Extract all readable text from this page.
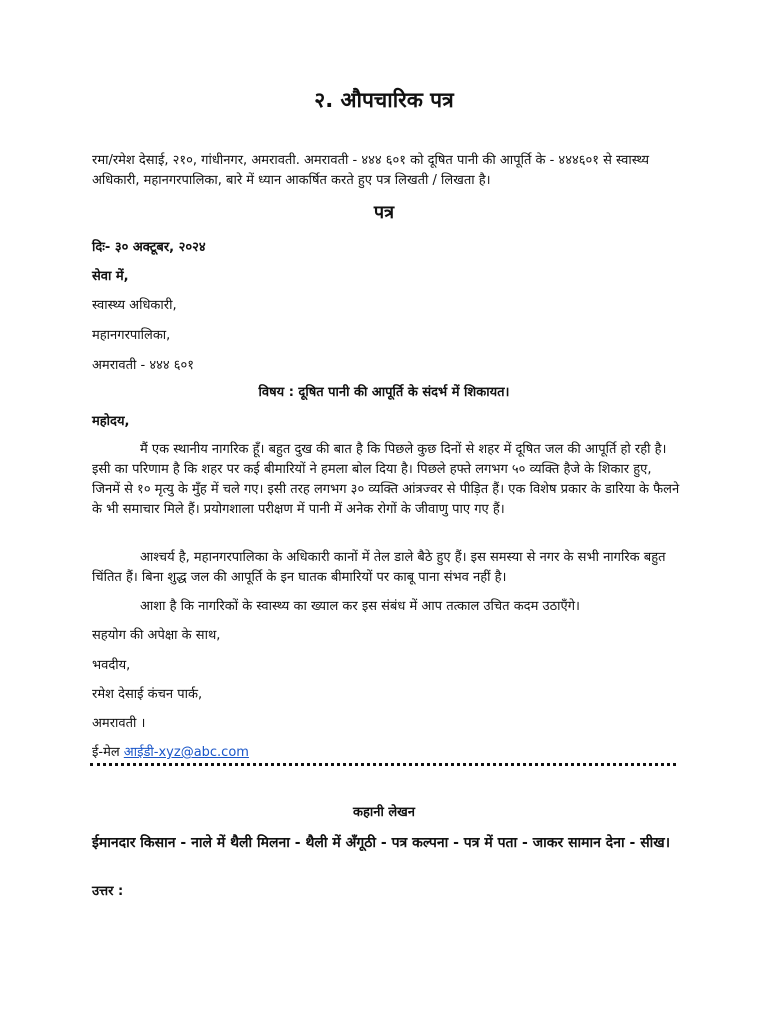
२. औपचारिक पत्र

रमा/रमेश देसाई, २१०, गांधीनगर, अमरावती. अमरावती - ४४४ ६०१ को दूषित पानी की आपूर्ति के - ४४४६०१ से स्वास्थ्य अधिकारी, महानगरपालिका, बारे में ध्यान आकर्षित करते हुए पत्र लिखती / लिखता है।

पत्र

दिः- ३० अक्टूबर, २०२४

सेवा में,

स्वास्थ्य अधिकारी,

महानगरपालिका,

अमरावती - ४४४ ६०१

विषय : दूषित पानी की आपूर्ति के संदर्भ में शिकायत।

महोदय,

मैं एक स्थानीय नागरिक हूँ। बहुत दुख की बात है कि पिछले कुछ दिनों से शहर में दूषित जल की आपूर्ति हो रही है। इसी का परिणाम है कि शहर पर कई बीमारियों ने हमला बोल दिया है। पिछले हफ्ते लगभग ५० व्यक्ति हैजे के शिकार हुए, जिनमें से १० मृत्यु के मुँह में चले गए। इसी तरह लगभग ३० व्यक्ति आंत्रज्वर से पीड़ित हैं। एक विशेष प्रकार के डारिया के फैलने के भी समाचार मिले हैं। प्रयोगशाला परीक्षण में पानी में अनेक रोगों के जीवाणु पाए गए हैं।

आश्चर्य है, महानगरपालिका के अधिकारी कानों में तेल डाले बैठे हुए हैं। इस समस्या से नगर के सभी नागरिक बहुत चिंतित हैं। बिना शुद्ध जल की आपूर्ति के इन घातक बीमारियों पर काबू पाना संभव नहीं है।

आशा है कि नागरिकों के स्वास्थ्य का ख्याल कर इस संबंध में आप तत्काल उचित कदम उठाएँगे।

सहयोग की अपेक्षा के साथ,

भवदीय,

रमेश देसाई कंचन पार्क,

अमरावती ।

ई-मेल आईडी-xyz@abc.com

कहानी लेखन

ईमानदार किसान - नाले में थैली मिलना - थैली में अँगूठी - पत्र कल्पना - पत्र में पता - जाकर सामान देना - सीख।

उत्तर :
